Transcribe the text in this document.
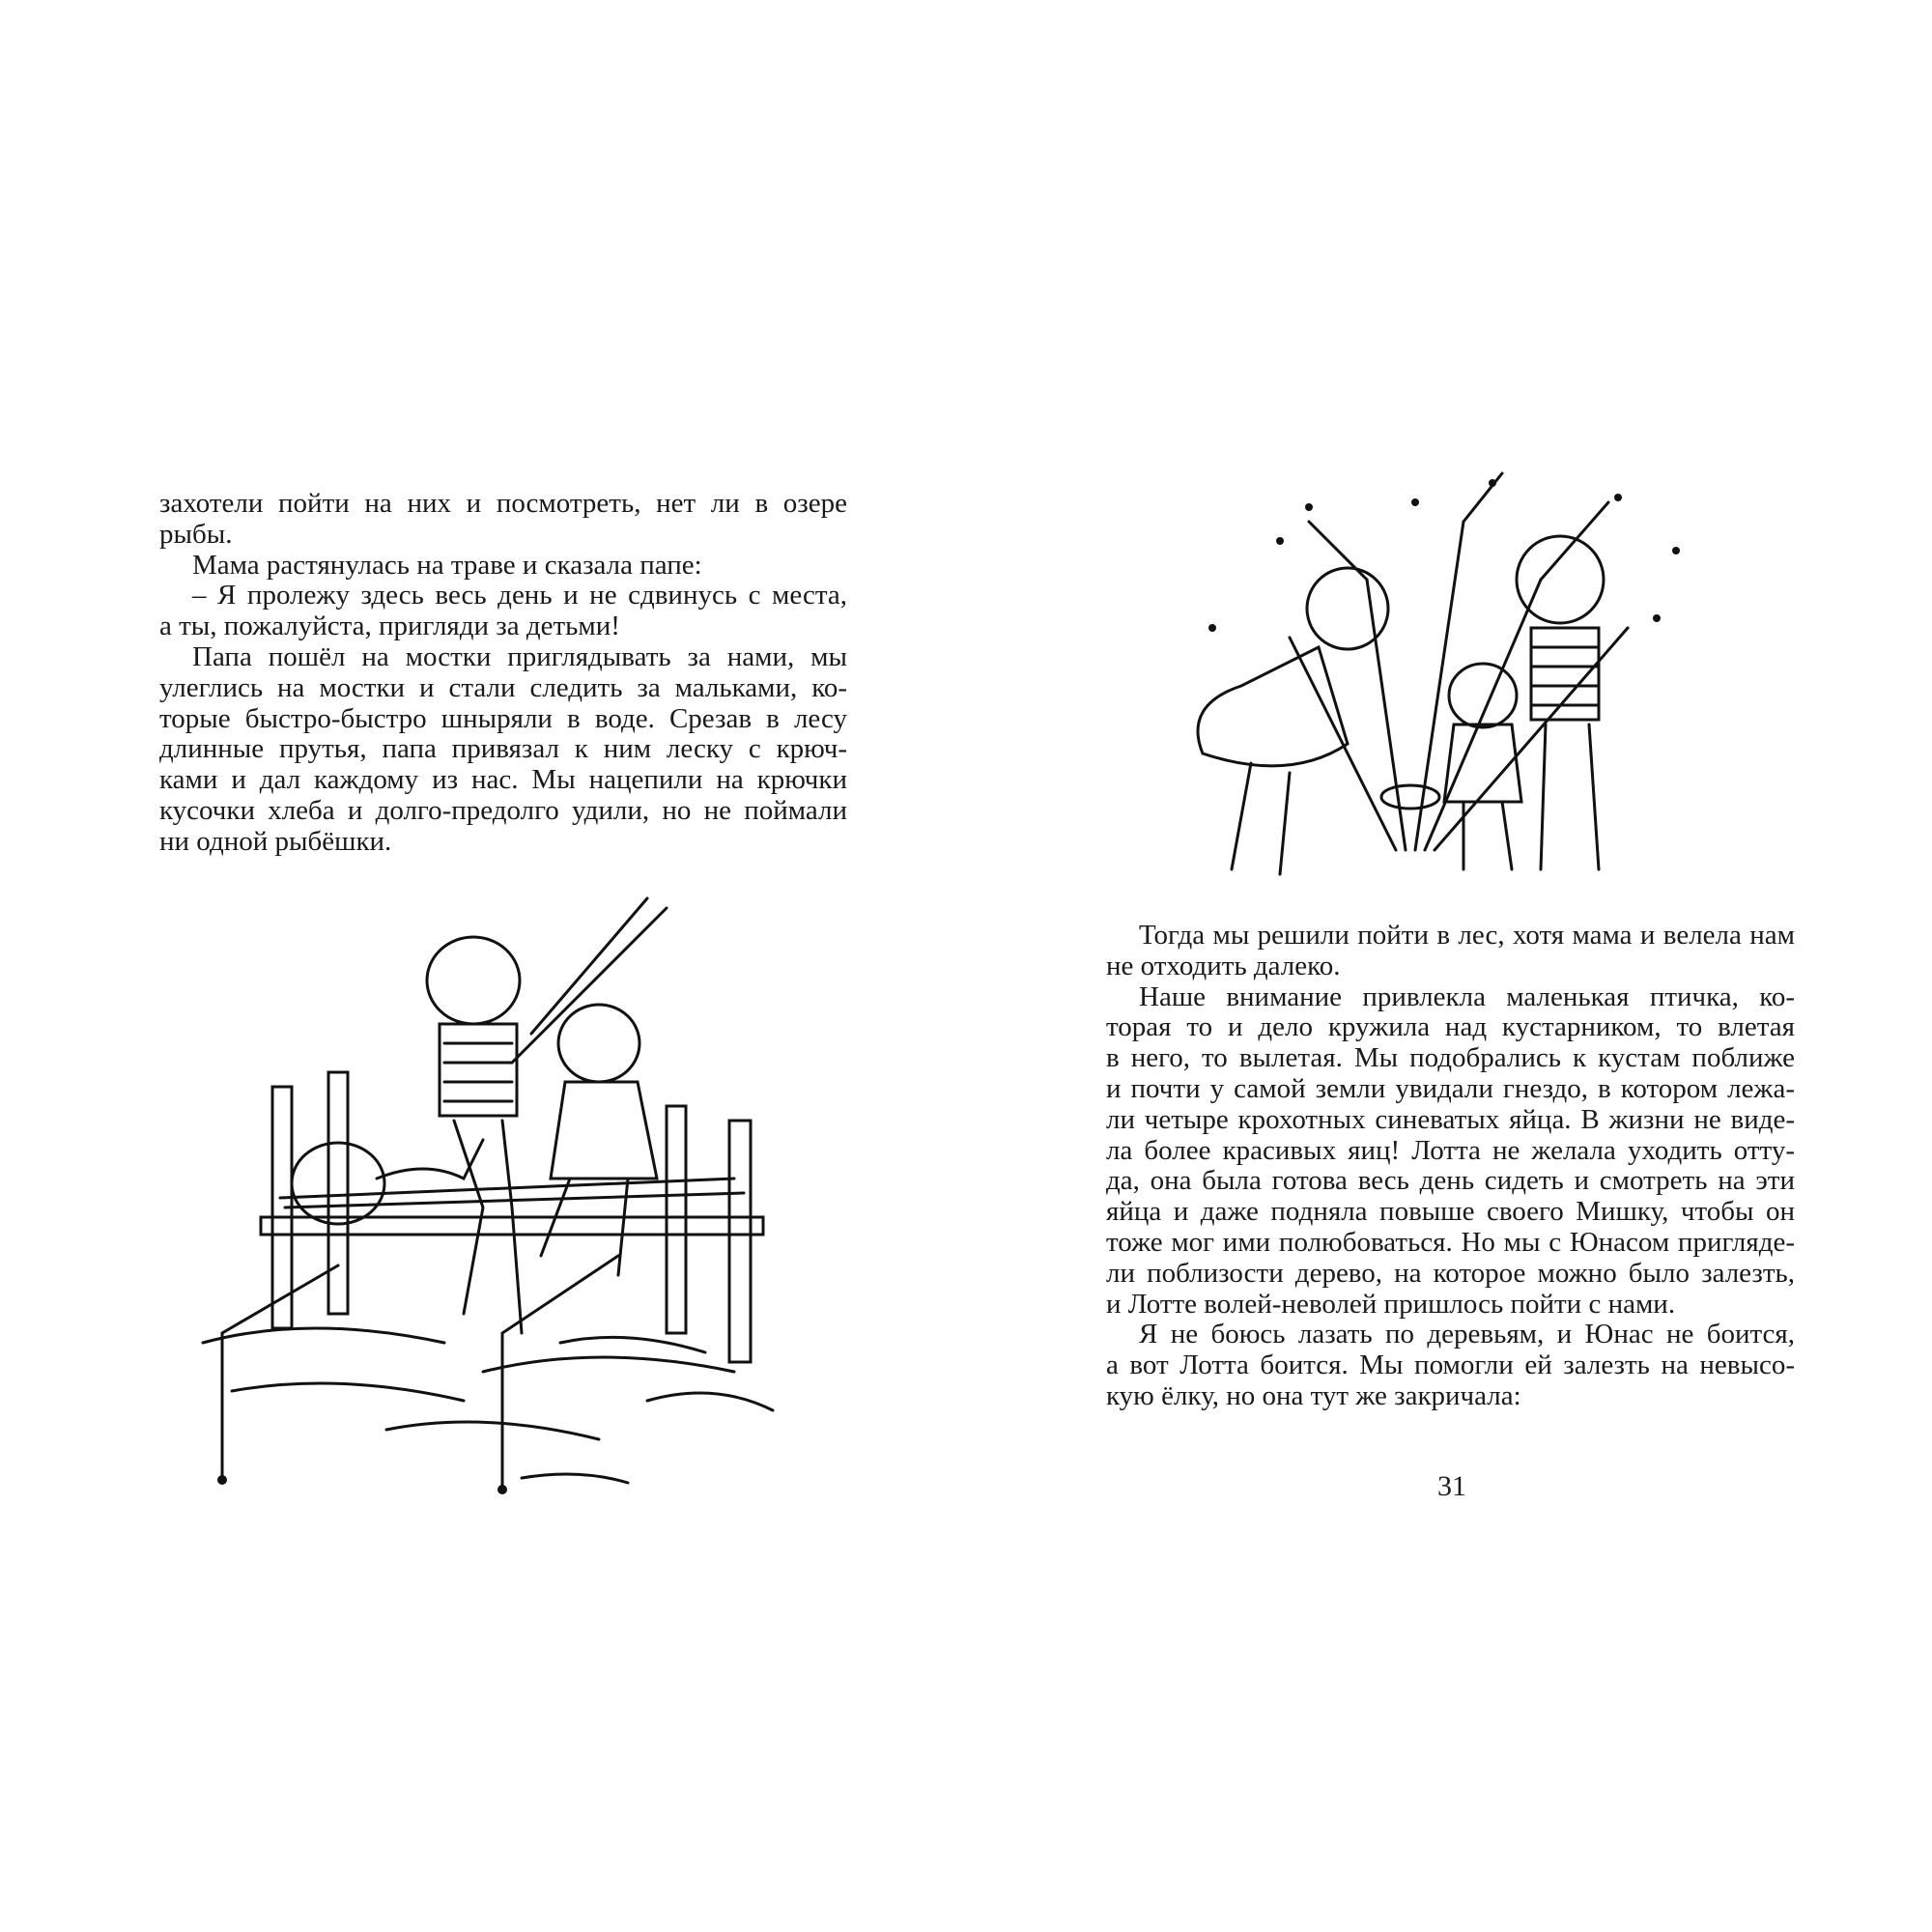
захотели пойти на них и посмотреть, нет ли в озере
рыбы.

Мама растянулась на траве и сказала папе:

– Я пролежу здесь весь день и не сдвинусь с места,
а ты, пожалуйста, пригляди за детьми!

Папа пошёл на мостки приглядывать за нами, мы
улеглись на мостки и стали следить за мальками, ко-
торые быстро-быстро шныряли в воде. Срезав в лесу
длинные прутья, папа привязал к ним леску с крюч-
ками и дал каждому из нас. Мы нацепили на крючки
кусочки хлеба и долго-предолго удили, но не поймали
ни одной рыбёшки.

Тогда мы решили пойти в лес, хотя мама и велела нам
не отходить далеко.

Наше внимание привлекла маленькая птичка, ко-
торая то и дело кружила над кустарником, то влетая
в него, то вылетая. Мы подобрались к кустам поближе
и почти у самой земли увидали гнездо, в котором лежа-
ли четыре крохотных синеватых яйца. В жизни не виде-
ла более красивых яиц! Лотта не желала уходить отту-
да, она была готова весь день сидеть и смотреть на эти
яйца и даже подняла повыше своего Мишку, чтобы он
тоже мог ими полюбоваться. Но мы с Юнасом пригляде-
ли поблизости дерево, на которое можно было залезть,
и Лотте волей-неволей пришлось пойти с нами.

Я не боюсь лазать по деревьям, и Юнас не боится,
а вот Лотта боится. Мы помогли ей залезть на невысо-
кую ёлку, но она тут же закричала:

31
